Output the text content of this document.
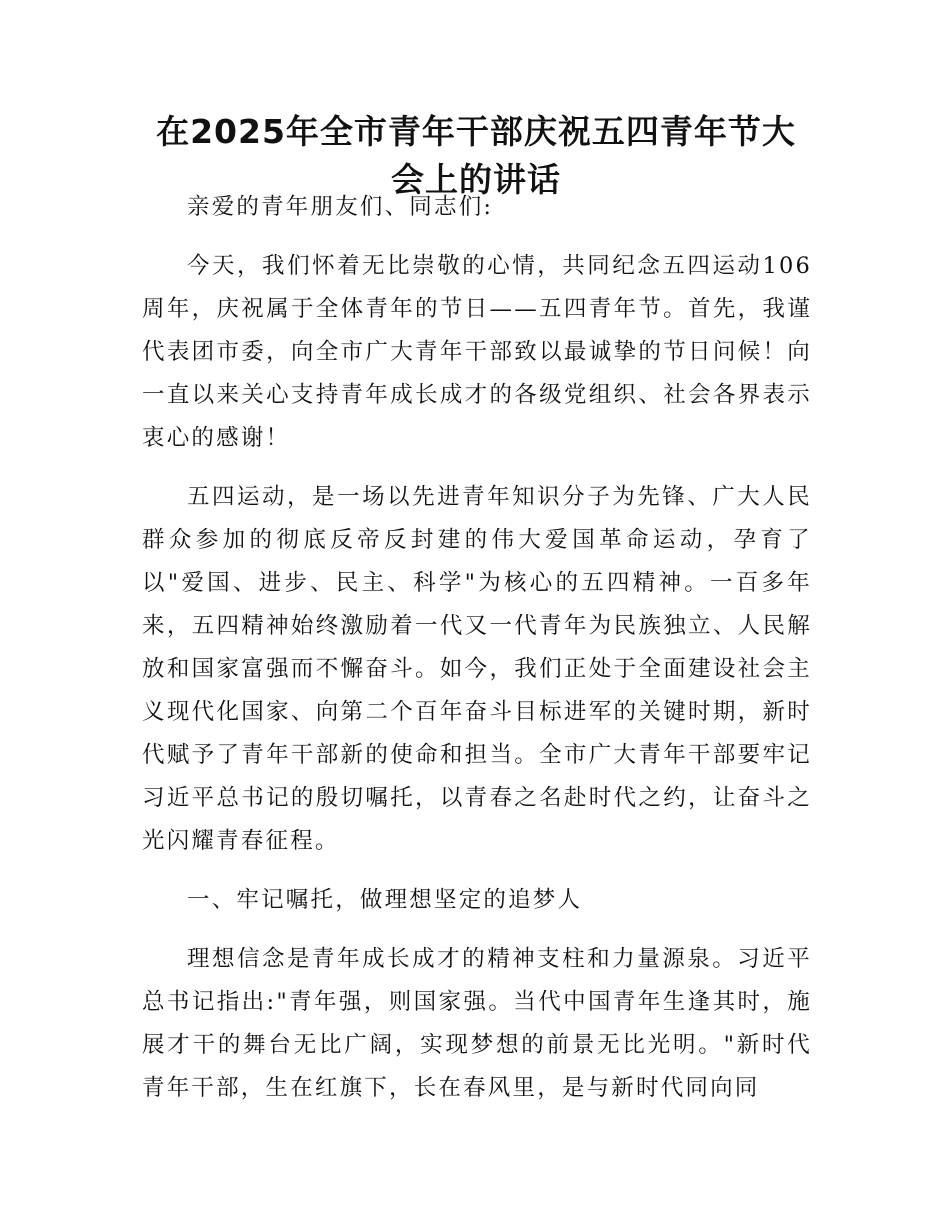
在2025年全市青年干部庆祝五四青年节大会上的讲话

亲爱的青年朋友们、同志们:

今天，我们怀着无比崇敬的心情，共同纪念五四运动106周年，庆祝属于全体青年的节日——五四青年节。首先，我谨代表团市委，向全市广大青年干部致以最诚挚的节日问候！向一直以来关心支持青年成长成才的各级党组织、社会各界表示衷心的感谢！

五四运动，是一场以先进青年知识分子为先锋、广大人民群众参加的彻底反帝反封建的伟大爱国革命运动，孕育了以"爱国、进步、民主、科学"为核心的五四精神。一百多年来，五四精神始终激励着一代又一代青年为民族独立、人民解放和国家富强而不懈奋斗。如今，我们正处于全面建设社会主义现代化国家、向第二个百年奋斗目标进军的关键时期，新时代赋予了青年干部新的使命和担当。全市广大青年干部要牢记习近平总书记的殷切嘱托，以青春之名赴时代之约，让奋斗之光闪耀青春征程。

一、牢记嘱托，做理想坚定的追梦人

理想信念是青年成长成才的精神支柱和力量源泉。习近平总书记指出:"青年强，则国家强。当代中国青年生逢其时，施展才干的舞台无比广阔，实现梦想的前景无比光明。"新时代青年干部，生在红旗下，长在春风里，是与新时代同向同
